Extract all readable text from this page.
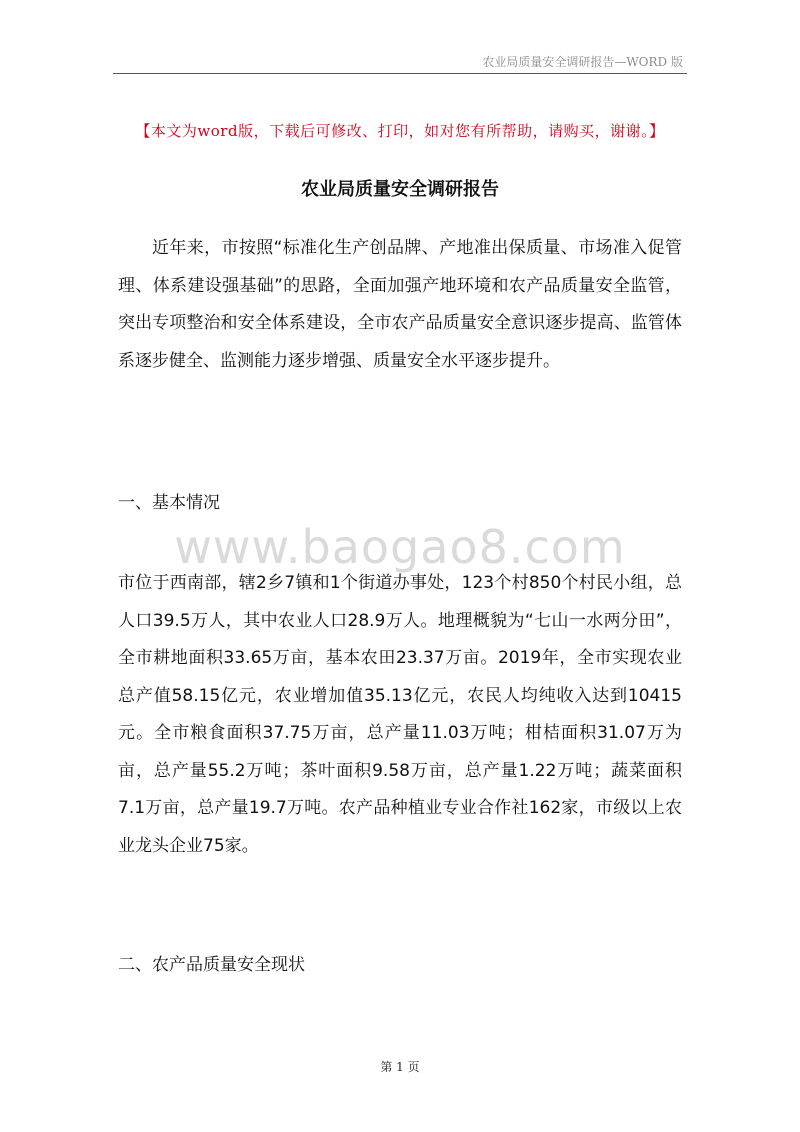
农业局质量安全调研报告—WORD 版
【本文为word版，下载后可修改、打印，如对您有所帮助，请购买，谢谢。】
农业局质量安全调研报告

近年来，市按照“标准化生产创品牌、产地准出保质量、市场准入促管理、体系建设强基础”的思路，全面加强产地环境和农产品质量安全监管，突出专项整治和安全体系建设，全市农产品质量安全意识逐步提高、监管体系逐步健全、监测能力逐步增强、质量安全水平逐步提升。

一、基本情况
www.baogao8.com

市位于西南部，辖2乡7镇和1个街道办事处，123个村850个村民小组，总人口39.5万人，其中农业人口28.9万人。地理概貌为“七山一水两分田”，全市耕地面积33.65万亩，基本农田23.37万亩。2019年，全市实现农业总产值58.15亿元，农业增加值35.13亿元，农民人均纯收入达到10415元。全市粮食面积37.75万亩，总产量11.03万吨；柑桔面积31.07万为亩，总产量55.2万吨；茶叶面积9.58万亩，总产量1.22万吨；蔬菜面积7.1万亩，总产量19.7万吨。农产品种植业专业合作社162家，市级以上农业龙头企业75家。

二、农产品质量安全现状
第 1 页
